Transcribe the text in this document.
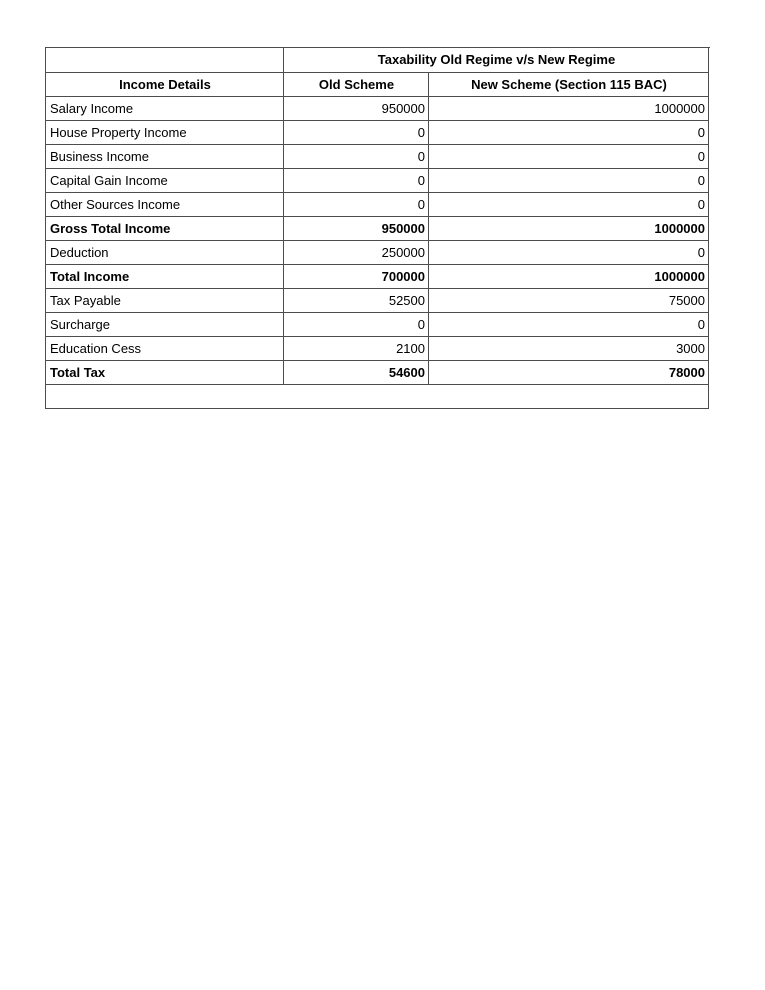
	Taxability Old Regime v/s New Regime	
Income Details	Old Scheme	New Scheme (Section 115 BAC)
Salary Income	950000	1000000
House Property Income	0	0
Business Income	0	0
Capital Gain Income	0	0
Other Sources Income	0	0
Gross Total Income	950000	1000000
Deduction	250000	0
Total Income	700000	1000000
Tax Payable	52500	75000
Surcharge	0	0
Education Cess	2100	3000
Total Tax	54600	78000
